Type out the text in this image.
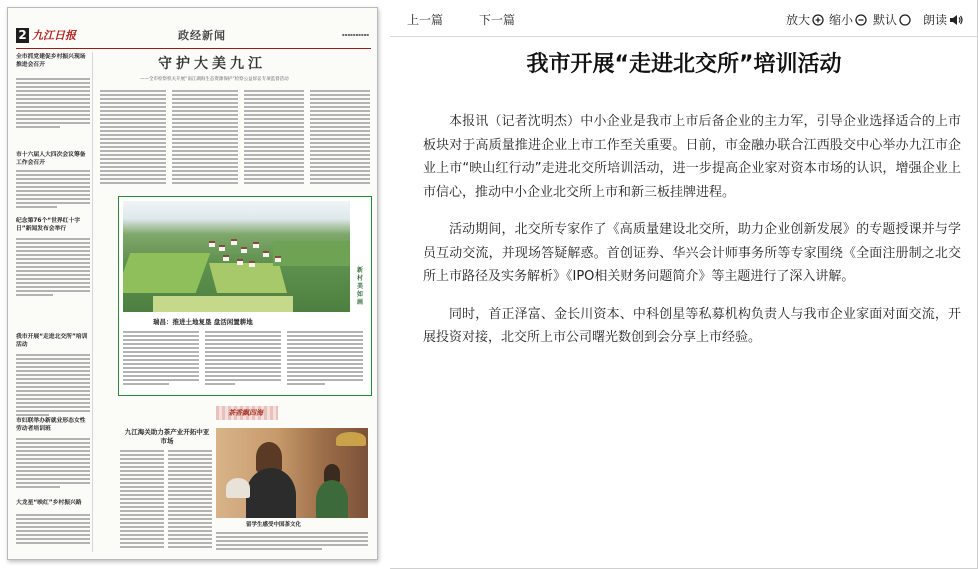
2 九江日报	政经新闻	▪▪▪▪▪▪▪▪▪▪
全市抓党建促乡村振兴现场推进会召开
市十六届人大四次会议筹备工作会召开
纪念第76个“世界红十字日”新闻发布会举行
我市开展“走进北交所”培训活动
市妇联举办新就业形态女性劳动者培训班
大龙星“映红”乡村振兴路
守护大美九江
——全市检察机关开展“南江湖海生态资源保护”检察公益诉讼专项监督活动
新村美如画
瑞昌：推进土地复垦 盘活闲置耕地
茶香飘四海
九江海关助力茶产业开拓中亚市场
留学生感受中国茶文化
上一篇	下一篇	放大	缩小	默认	朗读
我市开展“走进北交所”培训活动

本报讯（记者沈明杰）中小企业是我市上市后备企业的主力军，引导企业选择适合的上市板块对于高质量推进企业上市工作至关重要。日前，市金融办联合江西股交中心举办九江市企业上市“映山红行动”走进北交所培训活动，进一步提高企业家对资本市场的认识，增强企业上市信心，推动中小企业北交所上市和新三板挂牌进程。

活动期间，北交所专家作了《高质量建设北交所，助力企业创新发展》的专题授课并与学员互动交流，并现场答疑解惑。首创证券、华兴会计师事务所等专家围绕《全面注册制之北交所上市路径及实务解析》《IPO相关财务问题简介》等主题进行了深入讲解。

同时，首正泽富、金长川资本、中科创星等私募机构负责人与我市企业家面对面交流，开展投资对接，北交所上市公司曙光数创到会分享上市经验。
